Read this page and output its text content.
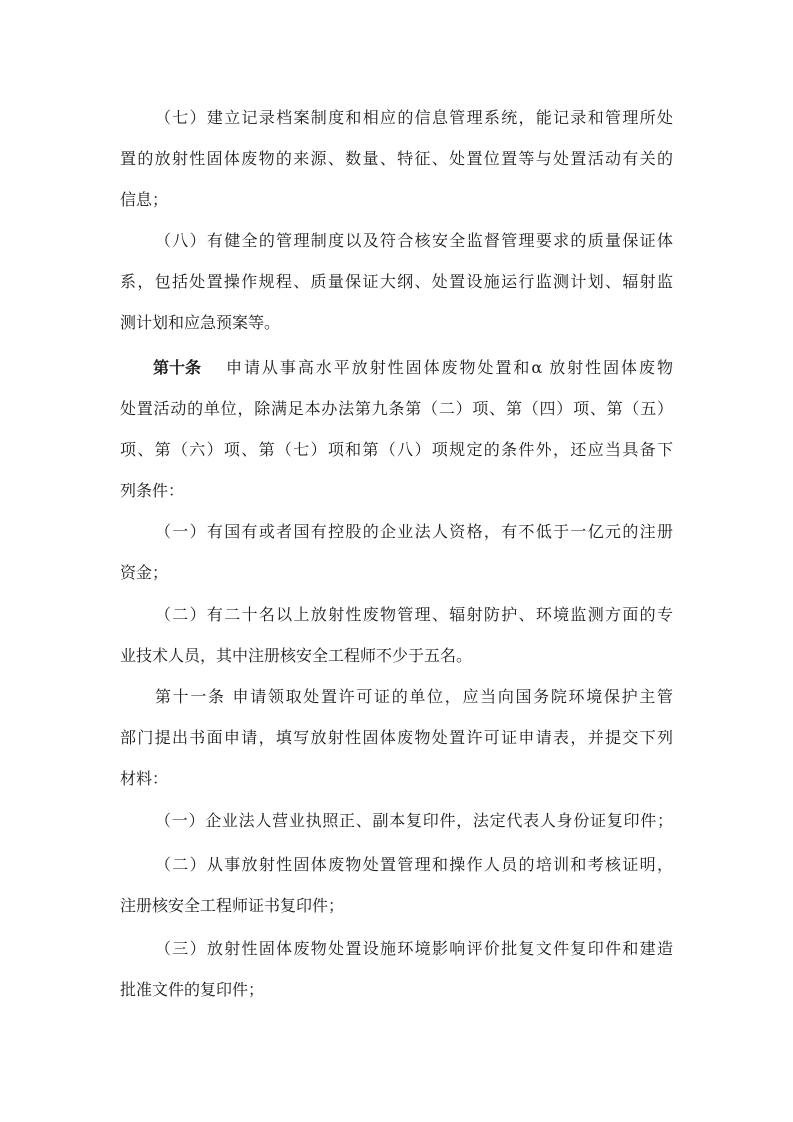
（七）建立记录档案制度和相应的信息管理系统，能记录和管理所处
置的放射性固体废物的来源、数量、特征、处置位置等与处置活动有关的
信息；
（八）有健全的管理制度以及符合核安全监督管理要求的质量保证体
系，包括处置操作规程、质量保证大纲、处置设施运行监测计划、辐射监
测计划和应急预案等。
第十条 申请从事高水平放射性固体废物处置和α 放射性固体废物
处置活动的单位，除满足本办法第九条第（二）项、第（四）项、第（五）
项、第（六）项、第（七）项和第（八）项规定的条件外，还应当具备下
列条件：
（一）有国有或者国有控股的企业法人资格，有不低于一亿元的注册
资金；
（二）有二十名以上放射性废物管理、辐射防护、环境监测方面的专
业技术人员，其中注册核安全工程师不少于五名。
第十一条 申请领取处置许可证的单位，应当向国务院环境保护主管
部门提出书面申请，填写放射性固体废物处置许可证申请表，并提交下列
材料：
（一）企业法人营业执照正、副本复印件，法定代表人身份证复印件；
（二）从事放射性固体废物处置管理和操作人员的培训和考核证明，
注册核安全工程师证书复印件；
（三）放射性固体废物处置设施环境影响评价批复文件复印件和建造
批准文件的复印件；
